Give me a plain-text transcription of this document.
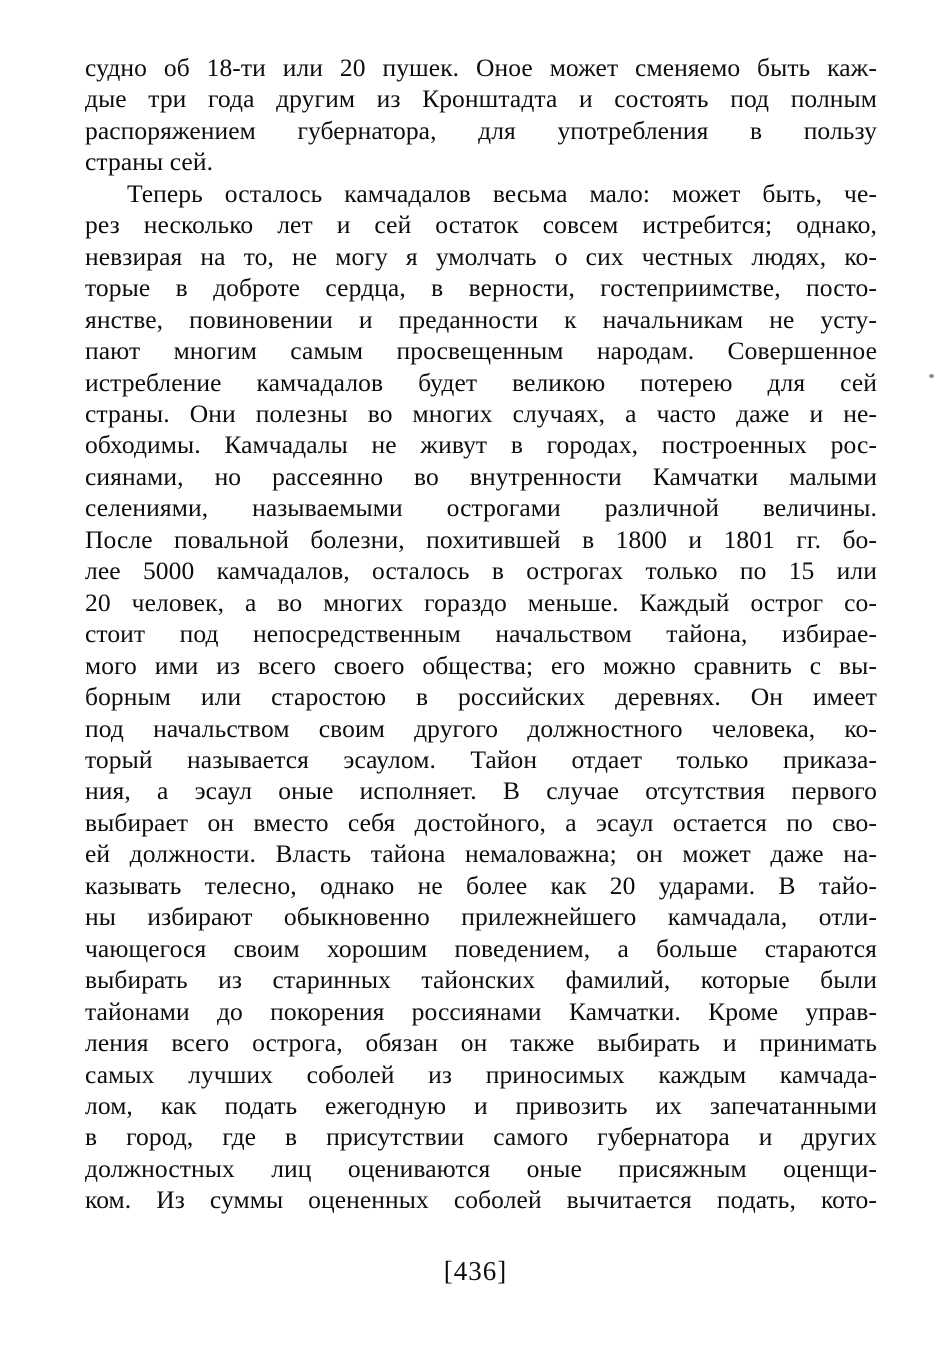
судно об 18-ти или 20 пушек. Оное может сменяемо быть каж-
дые три года другим из Кронштадта и состоять под полным
распоряжением губернатора, для употребления в пользу
страны сей.
Теперь осталось камчадалов весьма мало: может быть, че-
рез несколько лет и сей остаток совсем истребится; однако,
невзирая на то, не могу я умолчать о сих честных людях, ко-
торые в доброте сердца, в верности, гостеприимстве, посто-
янстве, повиновении и преданности к начальникам не усту-
пают многим самым просвещенным народам. Совершенное
истребление камчадалов будет великою потерею для сей
страны. Они полезны во многих случаях, а часто даже и не-
обходимы. Камчадалы не живут в городах, построенных рос-
сиянами, но рассеянно во внутренности Камчатки малыми
селениями, называемыми острогами различной величины.
После повальной болезни, похитившей в 1800 и 1801 гг. бо-
лее 5000 камчадалов, осталось в острогах только по 15 или
20 человек, а во многих гораздо меньше. Каждый острог со-
стоит под непосредственным начальством тайона, избирае-
мого ими из всего своего общества; его можно сравнить с вы-
борным или старостою в российских деревнях. Он имеет
под начальством своим другого должностного человека, ко-
торый называется эсаулом. Тайон отдает только приказа-
ния, а эсаул оные исполняет. В случае отсутствия первого
выбирает он вместо себя достойного, а эсаул остается по сво-
ей должности. Власть тайона немаловажна; он может даже на-
казывать телесно, однако не более как 20 ударами. В тайо-
ны избирают обыкновенно прилежнейшего камчадала, отли-
чающегося своим хорошим поведением, а больше стараются
выбирать из старинных тайонских фамилий, которые были
тайонами до покорения россиянами Камчатки. Кроме управ-
ления всего острога, обязан он также выбирать и принимать
самых лучших соболей из приносимых каждым камчада-
лом, как подать ежегодную и привозить их запечатанными
в город, где в присутствии самого губернатора и других
должностных лиц оцениваются оные присяжным оценщи-
ком. Из суммы оцененных соболей вычитается подать, кото-
[436]
